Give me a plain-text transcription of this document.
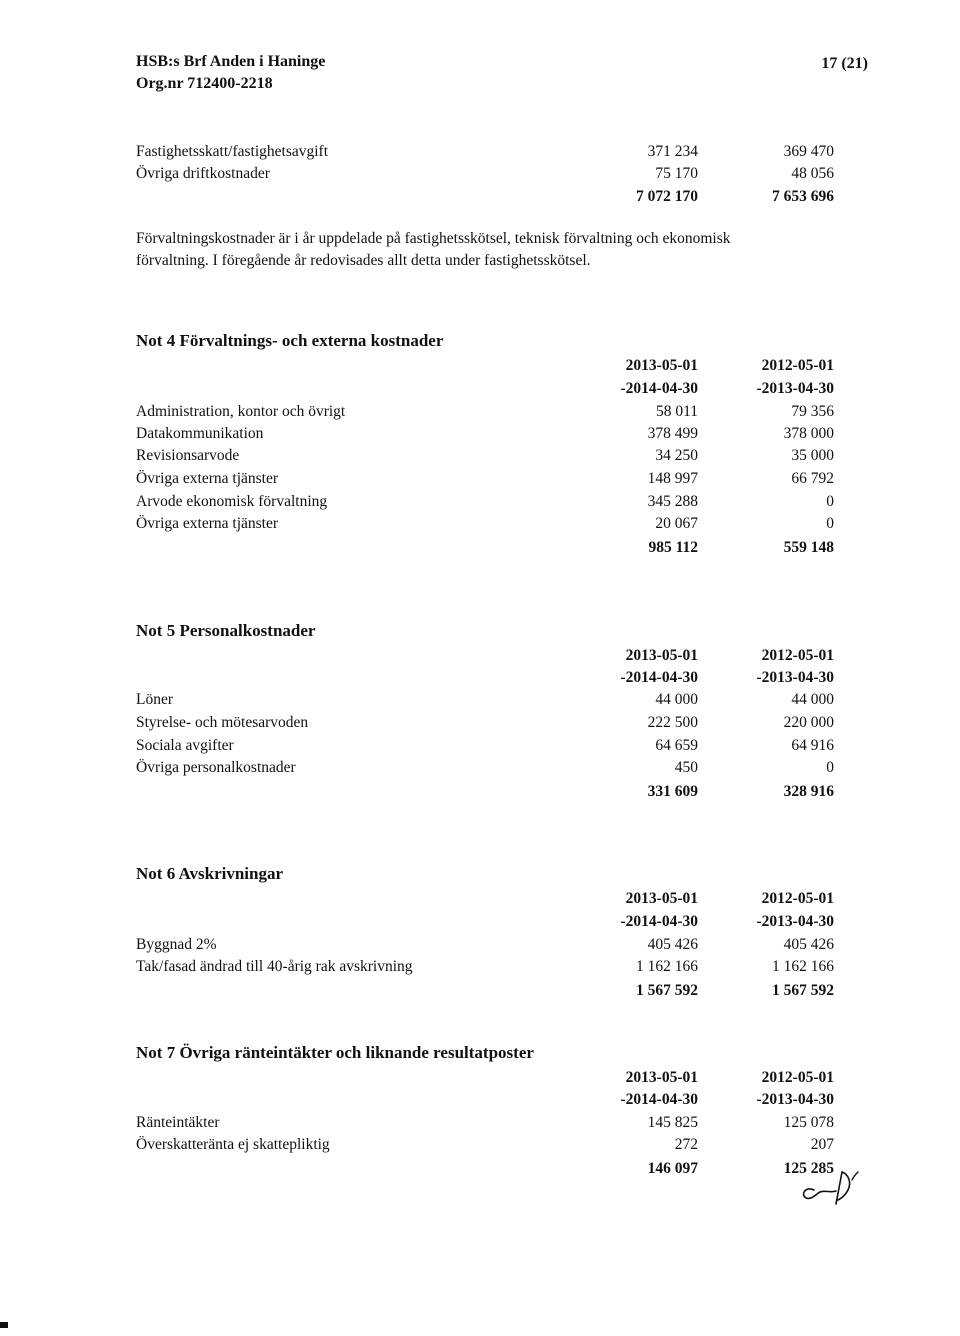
HSB:s Brf Anden i Haninge
Org.nr 712400-2218
17 (21)
Fastighetsskatt/fastighetsavgift	371 234	369 470
Övriga driftkostnader	75 170	48 056
7 072 170	7 653 696
Förvaltningskostnader är i år uppdelade på fastighetsskötsel, teknisk förvaltning och ekonomisk
förvaltning. I föregående år redovisades allt detta under fastighetsskötsel.
Not 4 Förvaltnings- och externa kostnader
2013-05-01	2012-05-01
-2014-04-30	-2013-04-30
Administration, kontor och övrigt	58 011	79 356
Datakommunikation	378 499	378 000
Revisionsarvode	34 250	35 000
Övriga externa tjänster	148 997	66 792
Arvode ekonomisk förvaltning	345 288	0
Övriga externa tjänster	20 067	0
985 112	559 148
Not 5 Personalkostnader
2013-05-01	2012-05-01
-2014-04-30	-2013-04-30
Löner	44 000	44 000
Styrelse- och mötesarvoden	222 500	220 000
Sociala avgifter	64 659	64 916
Övriga personalkostnader	450	0
331 609	328 916
Not 6 Avskrivningar
2013-05-01	2012-05-01
-2014-04-30	-2013-04-30
Byggnad 2%	405 426	405 426
Tak/fasad ändrad till 40-årig rak avskrivning	1 162 166	1 162 166
1 567 592	1 567 592
Not 7 Övriga ränteintäkter och liknande resultatposter
2013-05-01	2012-05-01
-2014-04-30	-2013-04-30
Ränteintäkter	145 825	125 078
Överskatteränta ej skattepliktig	272	207
146 097	125 285
